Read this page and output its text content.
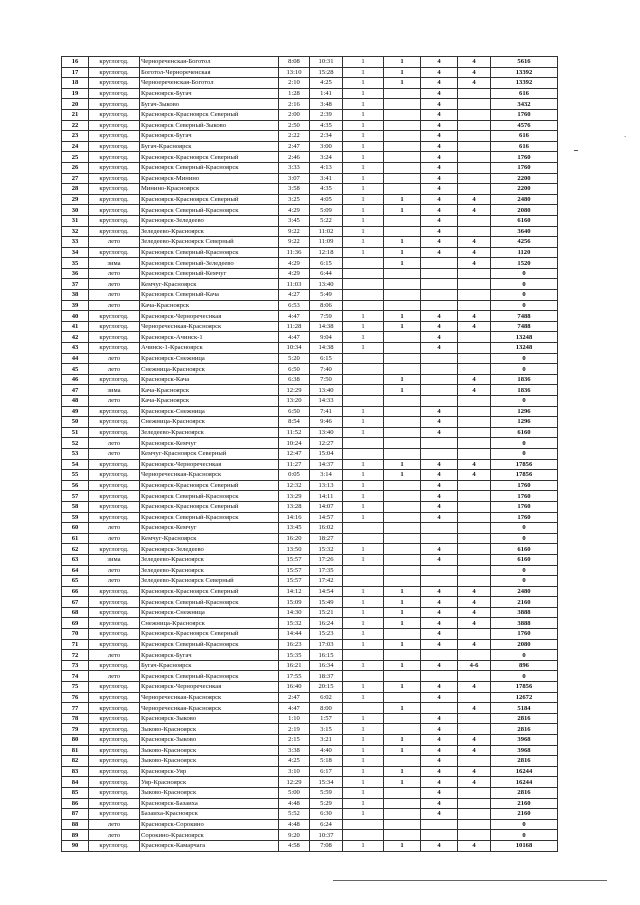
16	круглогод.	Чернореченская-Боготол	8:08	10:31	1	1	4	4	5616
17	круглогод.	Боготол-Чернореченская	13:10	15:28	1	1	4	4	13392
18	круглогод.	Черноереченская-Боготол	2:10	4:25	1	1	4	4	13392
19	круглогод.	Красноярск-Бугач	1:28	1:41	1		4		616
20	круглогод.	Бугач-Зыково	2:16	3:48	1		4		3432
21	круглогод.	Красноярск-Красноярск Северный	2:00	2:39	1		4		1760
22	круглогод.	Красноярск Северный-Зыково	2:50	4:35	1		4		4576
23	круглогод.	Красноярск-Бугач	2:22	2:34	1		4		616
24	круглогод.	Бугач-Красноярск	2:47	3:00	1		4		616
25	круглогод.	Красноярск-Красноярск Северный	2:46	3:24	1		4		1760
26	круглогод.	Красноярск Северный-Красноярск	3:33	4:13	1		4		1760
27	круглогод.	Красноярск-Минино	3:07	3:41	1		4		2200
28	круглогод.	Минино-Красноярск	3:58	4:35	1		4		2200
29	круглогод.	Красноярск-Красноярск Северный	3:25	4:05	1	1	4	4	2480
30	круглогод.	Красноярск Северный-Красноярск	4:29	5:09	1	1	4	4	2080
31	круглогод.	Красноярск-Зеледеево	3:45	5:22	1		4		6160
32	круглогод.	Зеледеево-Красноярск	9:22	11:02	1		4		3640
33	лето	Зеледеево-Красноярск Северный	9:22	11:09	1	1	4	4	4256
34	круглогод.	Красноярск Северный-Красноярск	11:36	12:18	1	1	4	4	1120
35	зима	Красноярск Северный-Зеледеево	4:29	6:15		1		4	1520
36	лето	Красноярск Северный-Кемчуг	4:29	6:44					0
37	лето	Кемчуг-Красноярск	11:03	13:40					0
38	лето	Красноярск Северный-Кача	4:27	5:49					0
39	лето	Кача-Красноярск	6:53	8:06					0
40	круглогод.	Красноярск-Черноречеснкая	4:47	7:59	1	1	4	4	7488
41	круглогод.	Черноречеснкая-Красноярск	11:28	14:38	1	1	4	4	7488
42	круглогод.	Красноярск-Ачинск-1	4:47	9:04	1		4		13248
43	круглогод.	Ачинск-1-Красноярск	10:34	14:38	1		4		13248
44	лето	Красноярск-Снежница	5:20	6:15					0
45	лето	Снежница-Красноярск	6:50	7:40					0
46	круглогод.	Красноярск-Кача	6:38	7:50		1		4	1836
47	зима	Кача-Красноярск	12:29	13:40		1		4	1836
48	лето	Кача-Красноярск	13:20	14:33					0
49	круглогод.	Красноярск-Снежница	6:50	7:41	1		4		1296
50	круглогод.	Снежница-Красноярск	8:54	9:46	1		4		1296
51	круглогод.	Зеледеево-Красноярск	11:52	13:40	1		4		6160
52	лето	Красноярск-Кемчуг	10:24	12:27					0
53	лето	Кемчуг-Красноярск Северный	12:47	15:04					0
54	круглогод.	Красноярск-Черноречеснкая	11:27	14:37	1	1	4	4	17856
55	круглогод.	Черноречеснкая-Красноярск	0:05	3:14	1	1	4	4	17856
56	круглогод.	Красноярск-Красноярск Северный	12:32	13:13	1		4		1760
57	круглогод.	Красноярск Северный-Красноярск	13:29	14:11	1		4		1760
58	круглогод.	Красноярск-Красноярск Северный	13:28	14:07	1		4		1760
59	круглогод.	Красноярск Северный-Красноярск	14:16	14:57	1		4		1760
60	лето	Красноярск-Кемчуг	13:45	16:02					0
61	лето	Кемчуг-Красноярск	16:20	18:27					0
62	круглогод.	Красноярск-Зеледеево	13:50	15:32	1		4		6160
63	зима	Зеледеево-Красноярск	15:57	17:26	1		4		6160
64	лето	Зеледеево-Красноярск	15:57	17:35					0
65	лето	Зеледеево-Красноярск Северный	15:57	17:42					0
66	круглогод.	Красноярск-Красноярск Северный	14:12	14:54	1	1	4	4	2480
67	круглогод.	Красноярск Северный-Красноярск	15:09	15:49	1	1	4	4	2160
68	круглогод.	Красноярск-Снежница	14:30	15:21	1	1	4	4	3888
69	круглогод.	Снежница-Красноярск	15:32	16:24	1	1	4	4	3888
70	круглогод.	Красноярск-Красноярск Северный	14:44	15:23	1		4		1760
71	круглогод.	Красноярск Северный-Красноярск	16:23	17:03	1	1	4	4	2080
72	лето	Красноярск-Бугач	15:35	16:15					0
73	круглогод.	Бугач-Красноярск	16:21	16:34	1	1	4	4-6	896
74	лето	Красноярск Северный-Красноярск	17:55	18:37					0
75	круглогод.	Красноярск-Черноречеснкая	16:40	20:15	1	1	4	4	17856
76	круглогод.	Черноречеснкая-Красноярск	2:47	6:02	1		4		12672
77	круглогод.	Черноречеснкая-Красноярск	4:47	8:00		1		4	5184
78	круглогод.	Красноярск-Зыково	1:10	1:57	1		4		2816
79	круглогод.	Зыково-Красноярск	2:19	3:15	1		4		2816
80	круглогод.	Красноярск-Зыково	2:15	3:21	1	1	4	4	3968
81	круглогод.	Зыково-Красноярск	3:38	4:40	1	1	4	4	3968
82	круглогод.	Зыково-Красноярск	4:25	5:18	1		4		2816
83	круглогод.	Красноярск-Уяр	3:10	6:17	1	1	4	4	16244
84	круглогод.	Уяр-Красноярск	12:29	15:34	1	1	4	4	16244
85	круглогод.	Зыково-Красноярск	5:00	5:59	1		4		2816
86	круглогод.	Красноярск-Базаиха	4:48	5:29	1		4		2160
87	круглогод.	Базаиха-Красноярск	5:52	6:30	1		4		2160
88	лето	Красноярск-Сорокино	4:48	6:24					0
89	лето	Сорокино-Красноярск	9:20	10:37					0
90	круглогод.	Красноярск-Камарчага	4:58	7:08	1	1	4	4	10168
·
